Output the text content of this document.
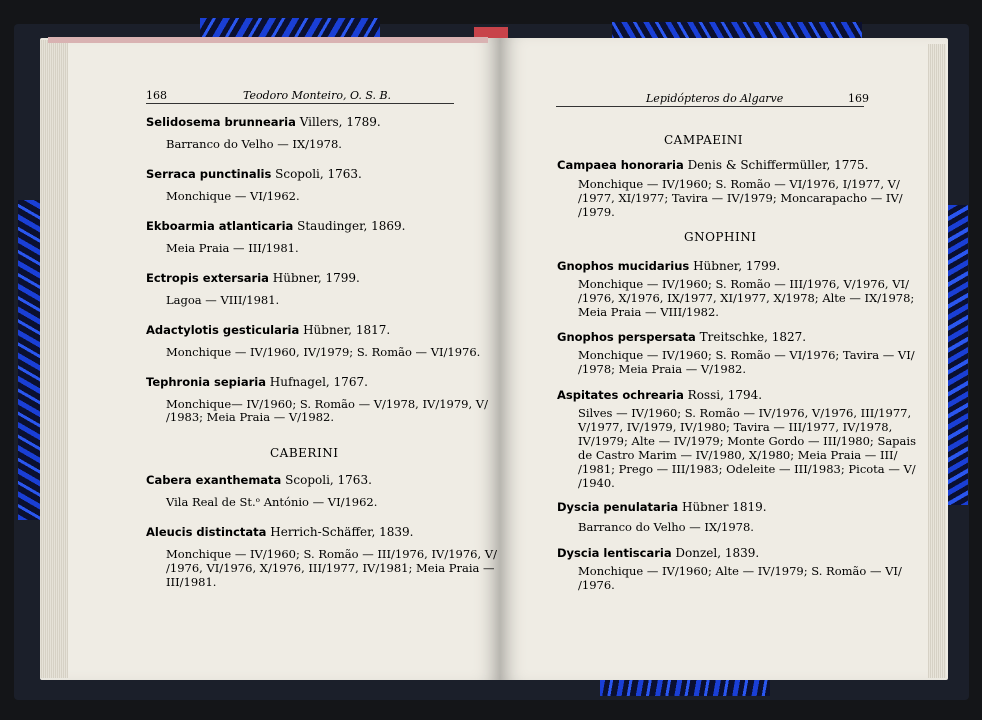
168	Teodoro Monteiro, O. S. B.
Selidosema brunnearia Villers, 1789.
Barranco do Velho — IX/1978.
Serraca punctinalis Scopoli, 1763.
Monchique — VI/1962.
Ekboarmia atlanticaria Staudinger, 1869.
Meia Praia — III/1981.
Ectropis extersaria Hübner, 1799.
Lagoa — VIII/1981.
Adactylotis gesticularia Hübner, 1817.
Monchique — IV/1960, IV/1979; S. Romão — VI/1976.
Tephronia sepiaria Hufnagel, 1767.
Monchique— IV/1960; S. Romão — V/1978, IV/1979, V/
/1983; Meia Praia — V/1982.
CABERINI
Cabera exanthemata Scopoli, 1763.
Vila Real de St.ᵒ António — VI/1962.
Aleucis distinctata Herrich-Schäffer, 1839.
Monchique — IV/1960; S. Romão — III/1976, IV/1976, V/
/1976, VI/1976, X/1976, III/1977, IV/1981; Meia Praia —
III/1981.
Lepidópteros do Algarve	169
CAMPAEINI
Campaea honoraria Denis & Schiffermüller, 1775.
Monchique — IV/1960; S. Romão — VI/1976, I/1977, V/
/1977, XI/1977; Tavira — IV/1979; Moncarapacho — IV/
/1979.
GNOPHINI
Gnophos mucidarius Hübner, 1799.
Monchique — IV/1960; S. Romão — III/1976, V/1976, VI/
/1976, X/1976, IX/1977, XI/1977, X/1978; Alte — IX/1978;
Meia Praia — VIII/1982.
Gnophos perspersata Treitschke, 1827.
Monchique — IV/1960; S. Romão — VI/1976; Tavira — VI/
/1978; Meia Praia — V/1982.
Aspitates ochrearia Rossi, 1794.
Silves — IV/1960; S. Romão — IV/1976, V/1976, III/1977,
V/1977, IV/1979, IV/1980; Tavira — III/1977, IV/1978,
IV/1979; Alte — IV/1979; Monte Gordo — III/1980; Sapais
de Castro Marim — IV/1980, X/1980; Meia Praia — III/
/1981; Prego — III/1983; Odeleite — III/1983; Picota — V/
/1940.
Dyscia penulataria Hübner 1819.
Barranco do Velho — IX/1978.
Dyscia lentiscaria Donzel, 1839.
Monchique — IV/1960; Alte — IV/1979; S. Romão — VI/
/1976.
